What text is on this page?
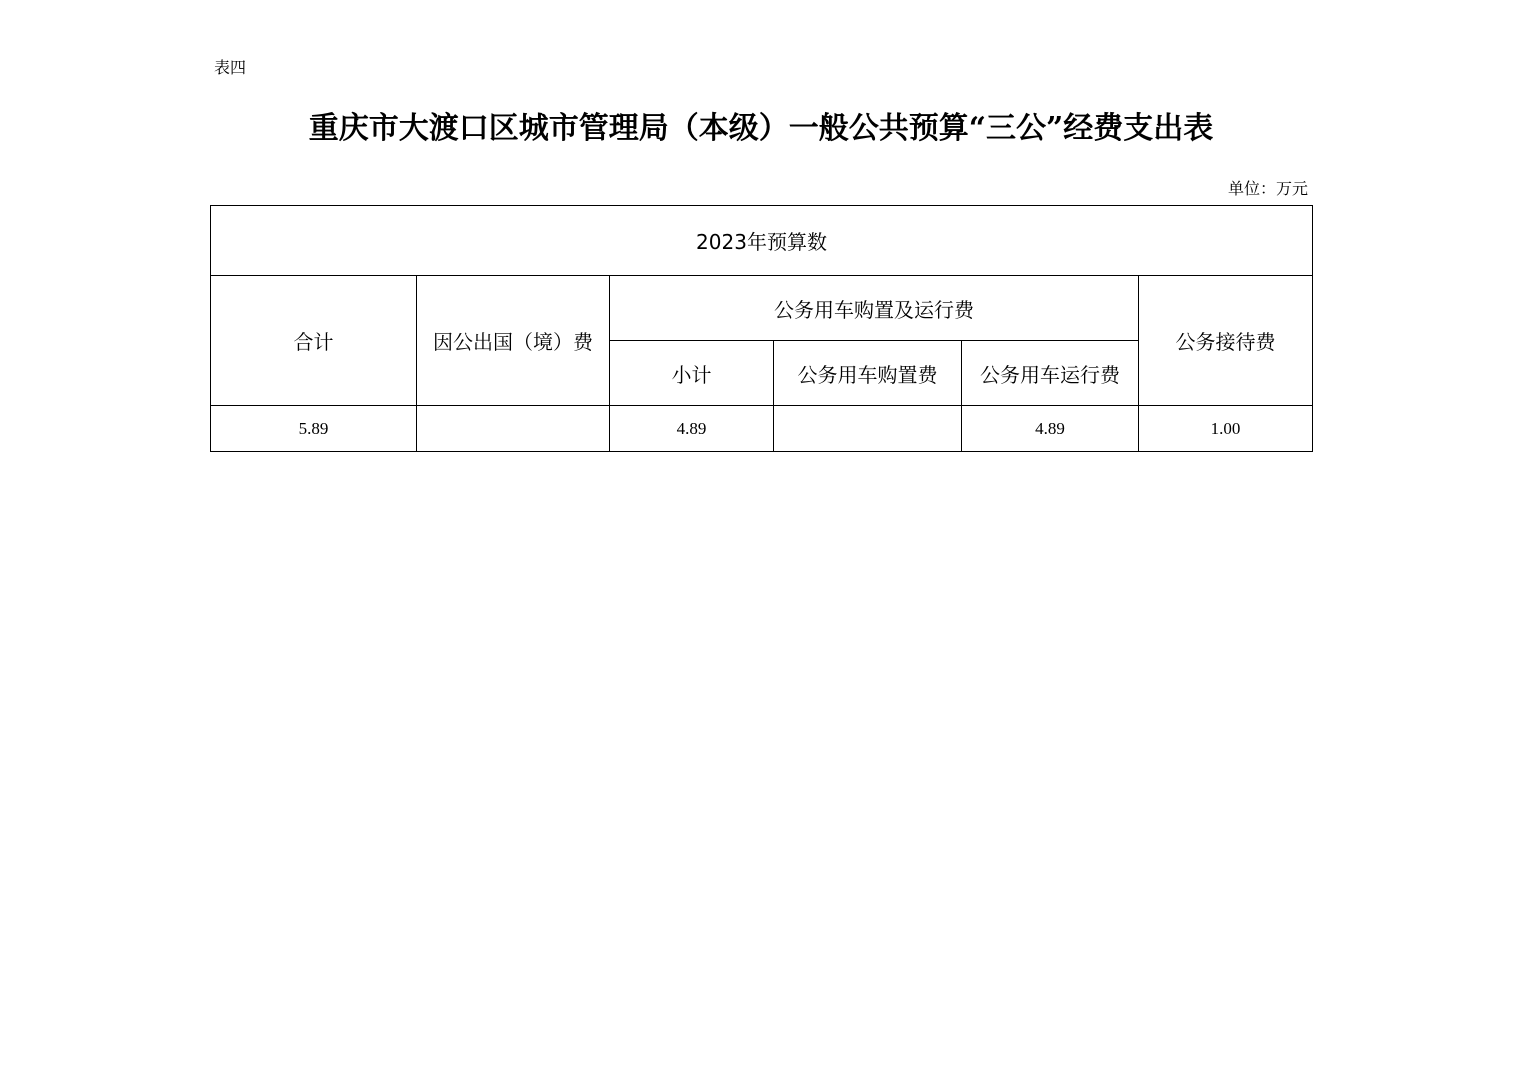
表四
重庆市大渡口区城市管理局（本级）一般公共预算“三公”经费支出表
单位：万元
2023年预算数					
合计	因公出国（境）费	公务用车购置及运行费			公务接待费
		小计	公务用车购置费	公务用车运行费	
5.89		4.89		4.89	1.00
